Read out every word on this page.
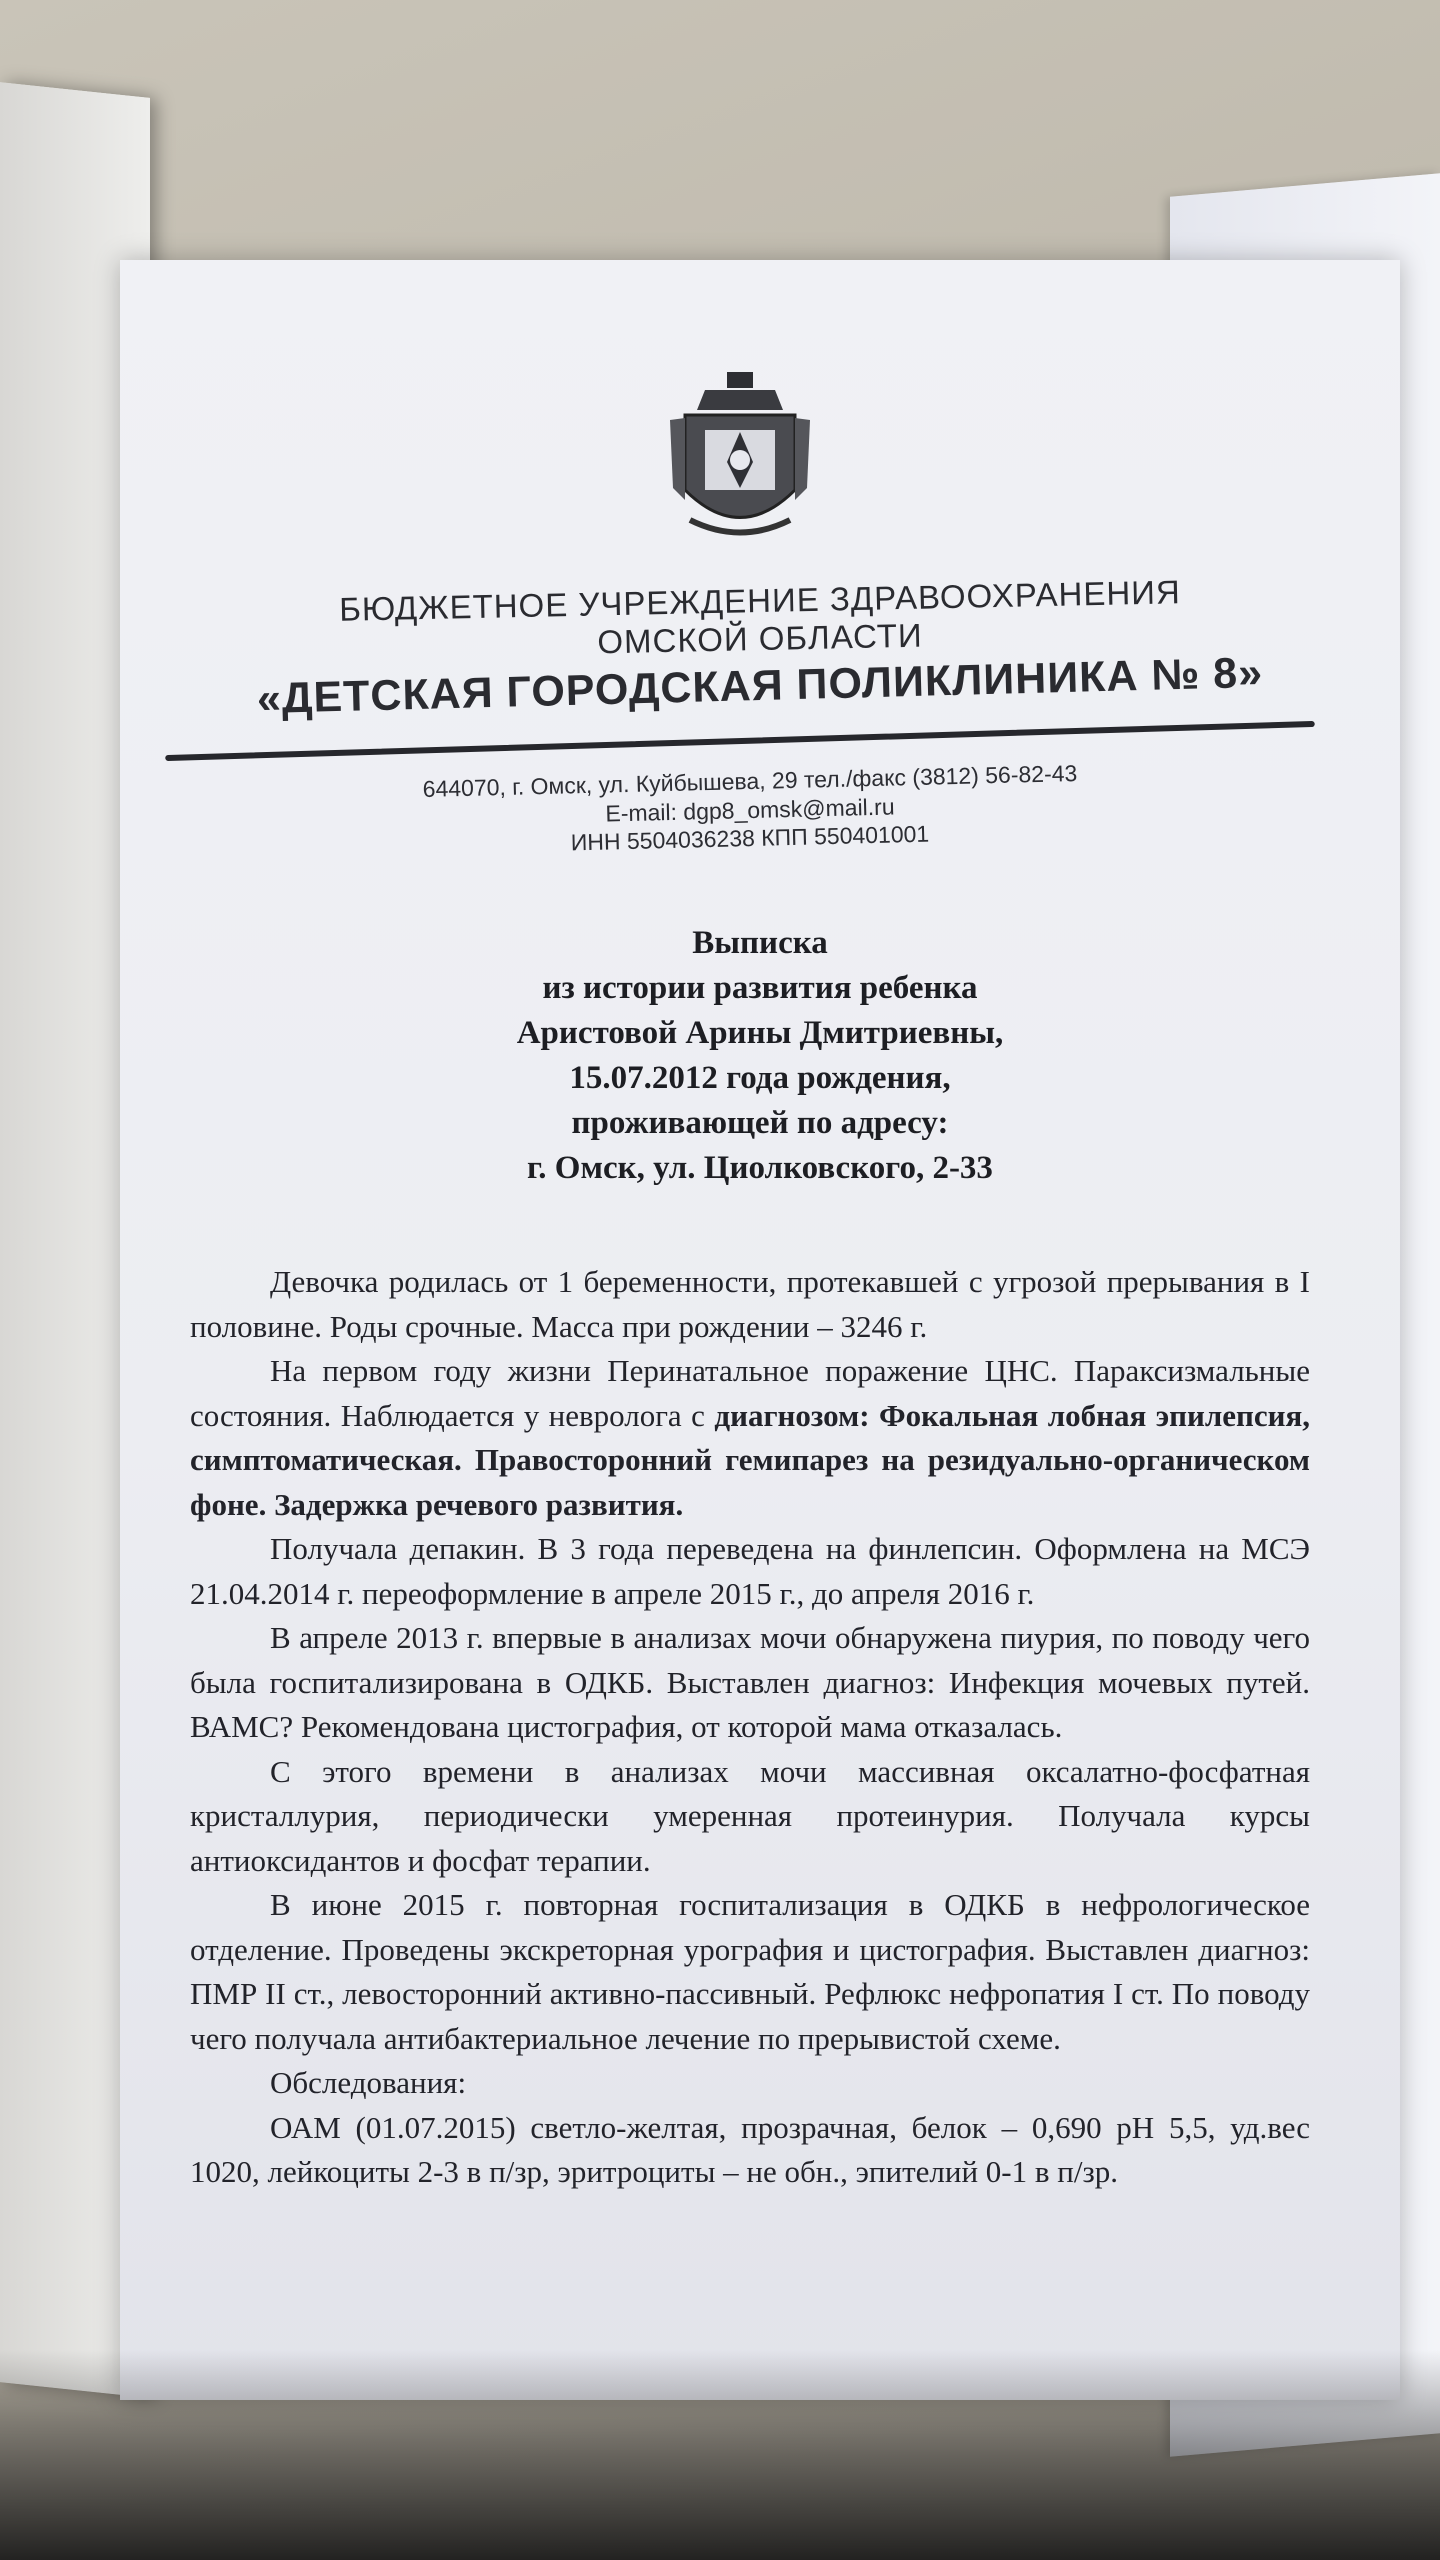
БЮДЖЕТНОЕ УЧРЕЖДЕНИЕ ЗДРАВООХРАНЕНИЯ
ОМСКОЙ ОБЛАСТИ
«ДЕТСКАЯ ГОРОДСКАЯ ПОЛИКЛИНИКА № 8»
644070, г. Омск, ул. Куйбышева, 29 тел./факс (3812) 56-82-43
E-mail: dgp8_omsk@mail.ru
ИНН 5504036238 КПП 550401001
Выписка
из истории развития ребенка
Аристовой Арины Дмитриевны,
15.07.2012 года рождения,
проживающей по адресу:
г. Омск, ул. Циолковского, 2-33

Девочка родилась от 1 беременности, протекавшей с угрозой прерывания в I половине. Роды срочные. Масса при рождении – 3246 г.

На первом году жизни Перинатальное поражение ЦНС. Параксизмальные состояния. Наблюдается у невролога с диагнозом: Фокальная лобная эпилепсия, симптоматическая. Правосторонний гемипарез на резидуально-органическом фоне. Задержка речевого развития.

Получала депакин. В 3 года переведена на финлепсин. Оформлена на МСЭ 21.04.2014 г. переоформление в апреле 2015 г., до апреля 2016 г.

В апреле 2013 г. впервые в анализах мочи обнаружена пиурия, по поводу чего была госпитализирована в ОДКБ. Выставлен диагноз: Инфекция мочевых путей. ВАМС? Рекомендована цистография, от которой мама отказалась.

С этого времени в анализах мочи массивная оксалатно-фосфатная кристаллурия, периодически умеренная протеинурия. Получала курсы антиоксидантов и фосфат терапии.

В июне 2015 г. повторная госпитализация в ОДКБ в нефрологическое отделение. Проведены экскреторная урография и цистография. Выставлен диагноз: ПМР II ст., левосторонний активно-пассивный. Рефлюкс нефропатия I ст. По поводу чего получала антибактериальное лечение по прерывистой схеме.

Обследования:

ОАМ (01.07.2015) светло-желтая, прозрачная, белок – 0,690 pH 5,5, уд.вес 1020, лейкоциты 2-3 в п/зр, эритроциты – не обн., эпителий 0-1 в п/зр.
